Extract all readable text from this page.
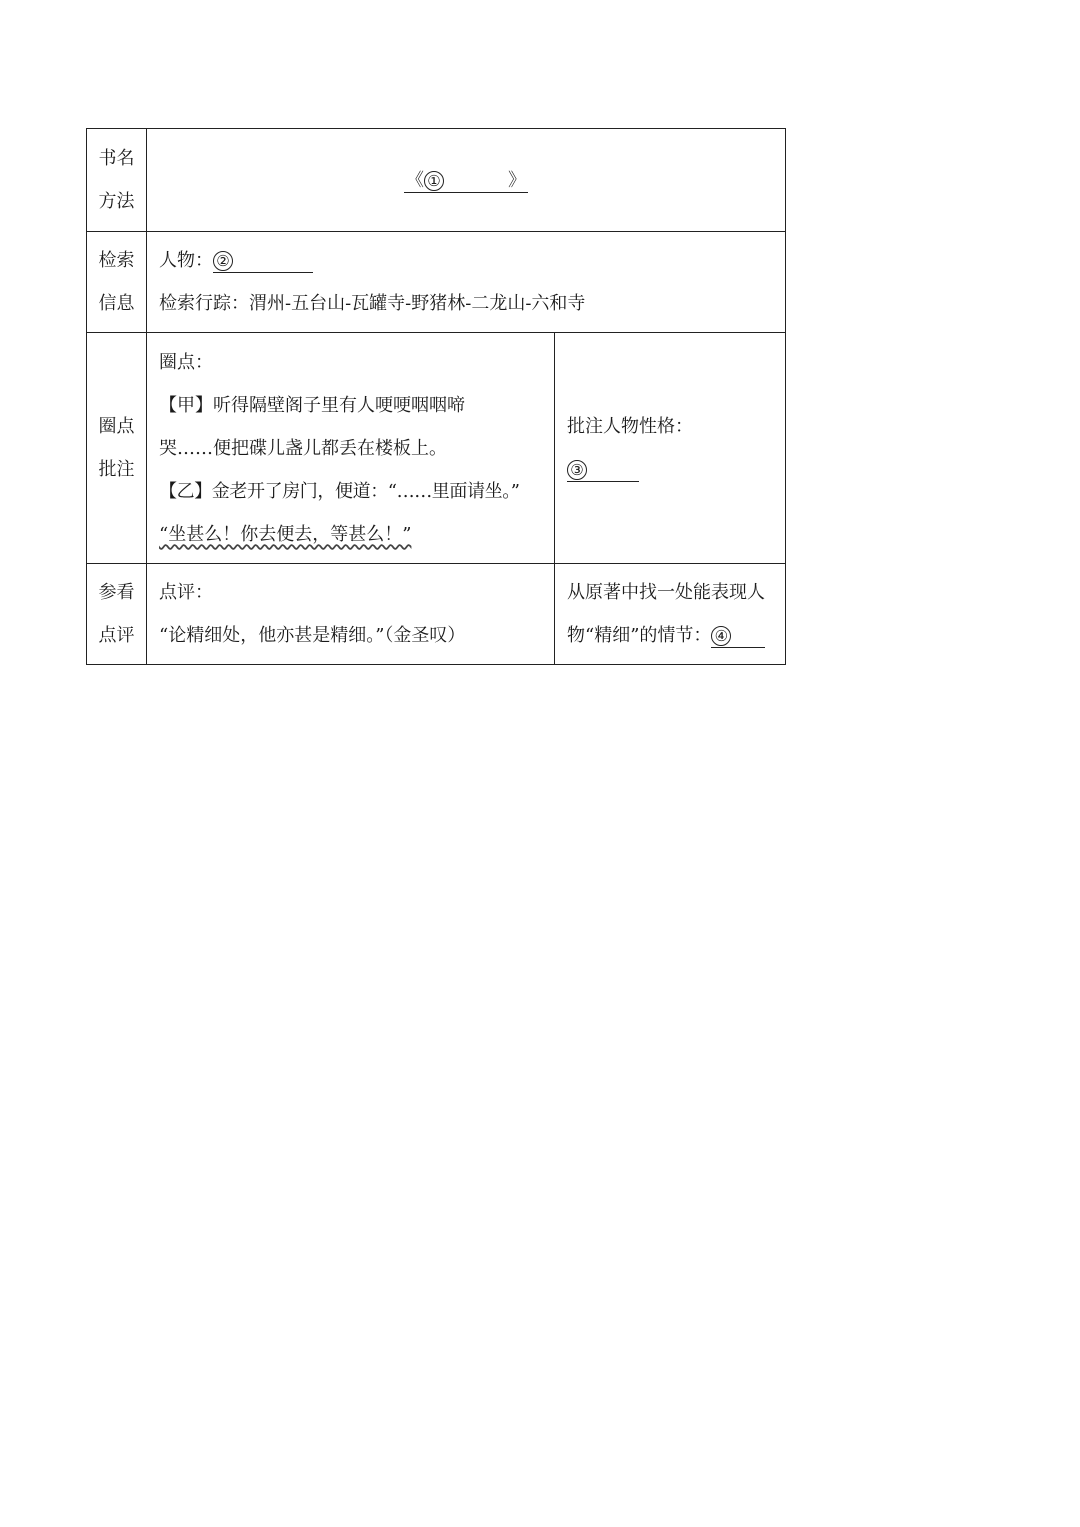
书名
方法
《 ①	》
检索
信息
人物： ②
检索行踪：渭州-五台山-瓦罐寺-野猪林-二龙山-六和寺
圈点
批注
圈点：
【甲】听得隔壁阁子里有人哽哽咽咽啼
哭……便把碟儿盏儿都丢在楼板上。
【乙】金老开了房门，便道：“……里面请坐。”
“坐甚么！你去便去，等甚么！”
批注人物性格：
③
参看
点评
点评：
“论精细处，他亦甚是精细。”（金圣叹）
从原著中找一处能表现人
物“精细”的情节： ④
